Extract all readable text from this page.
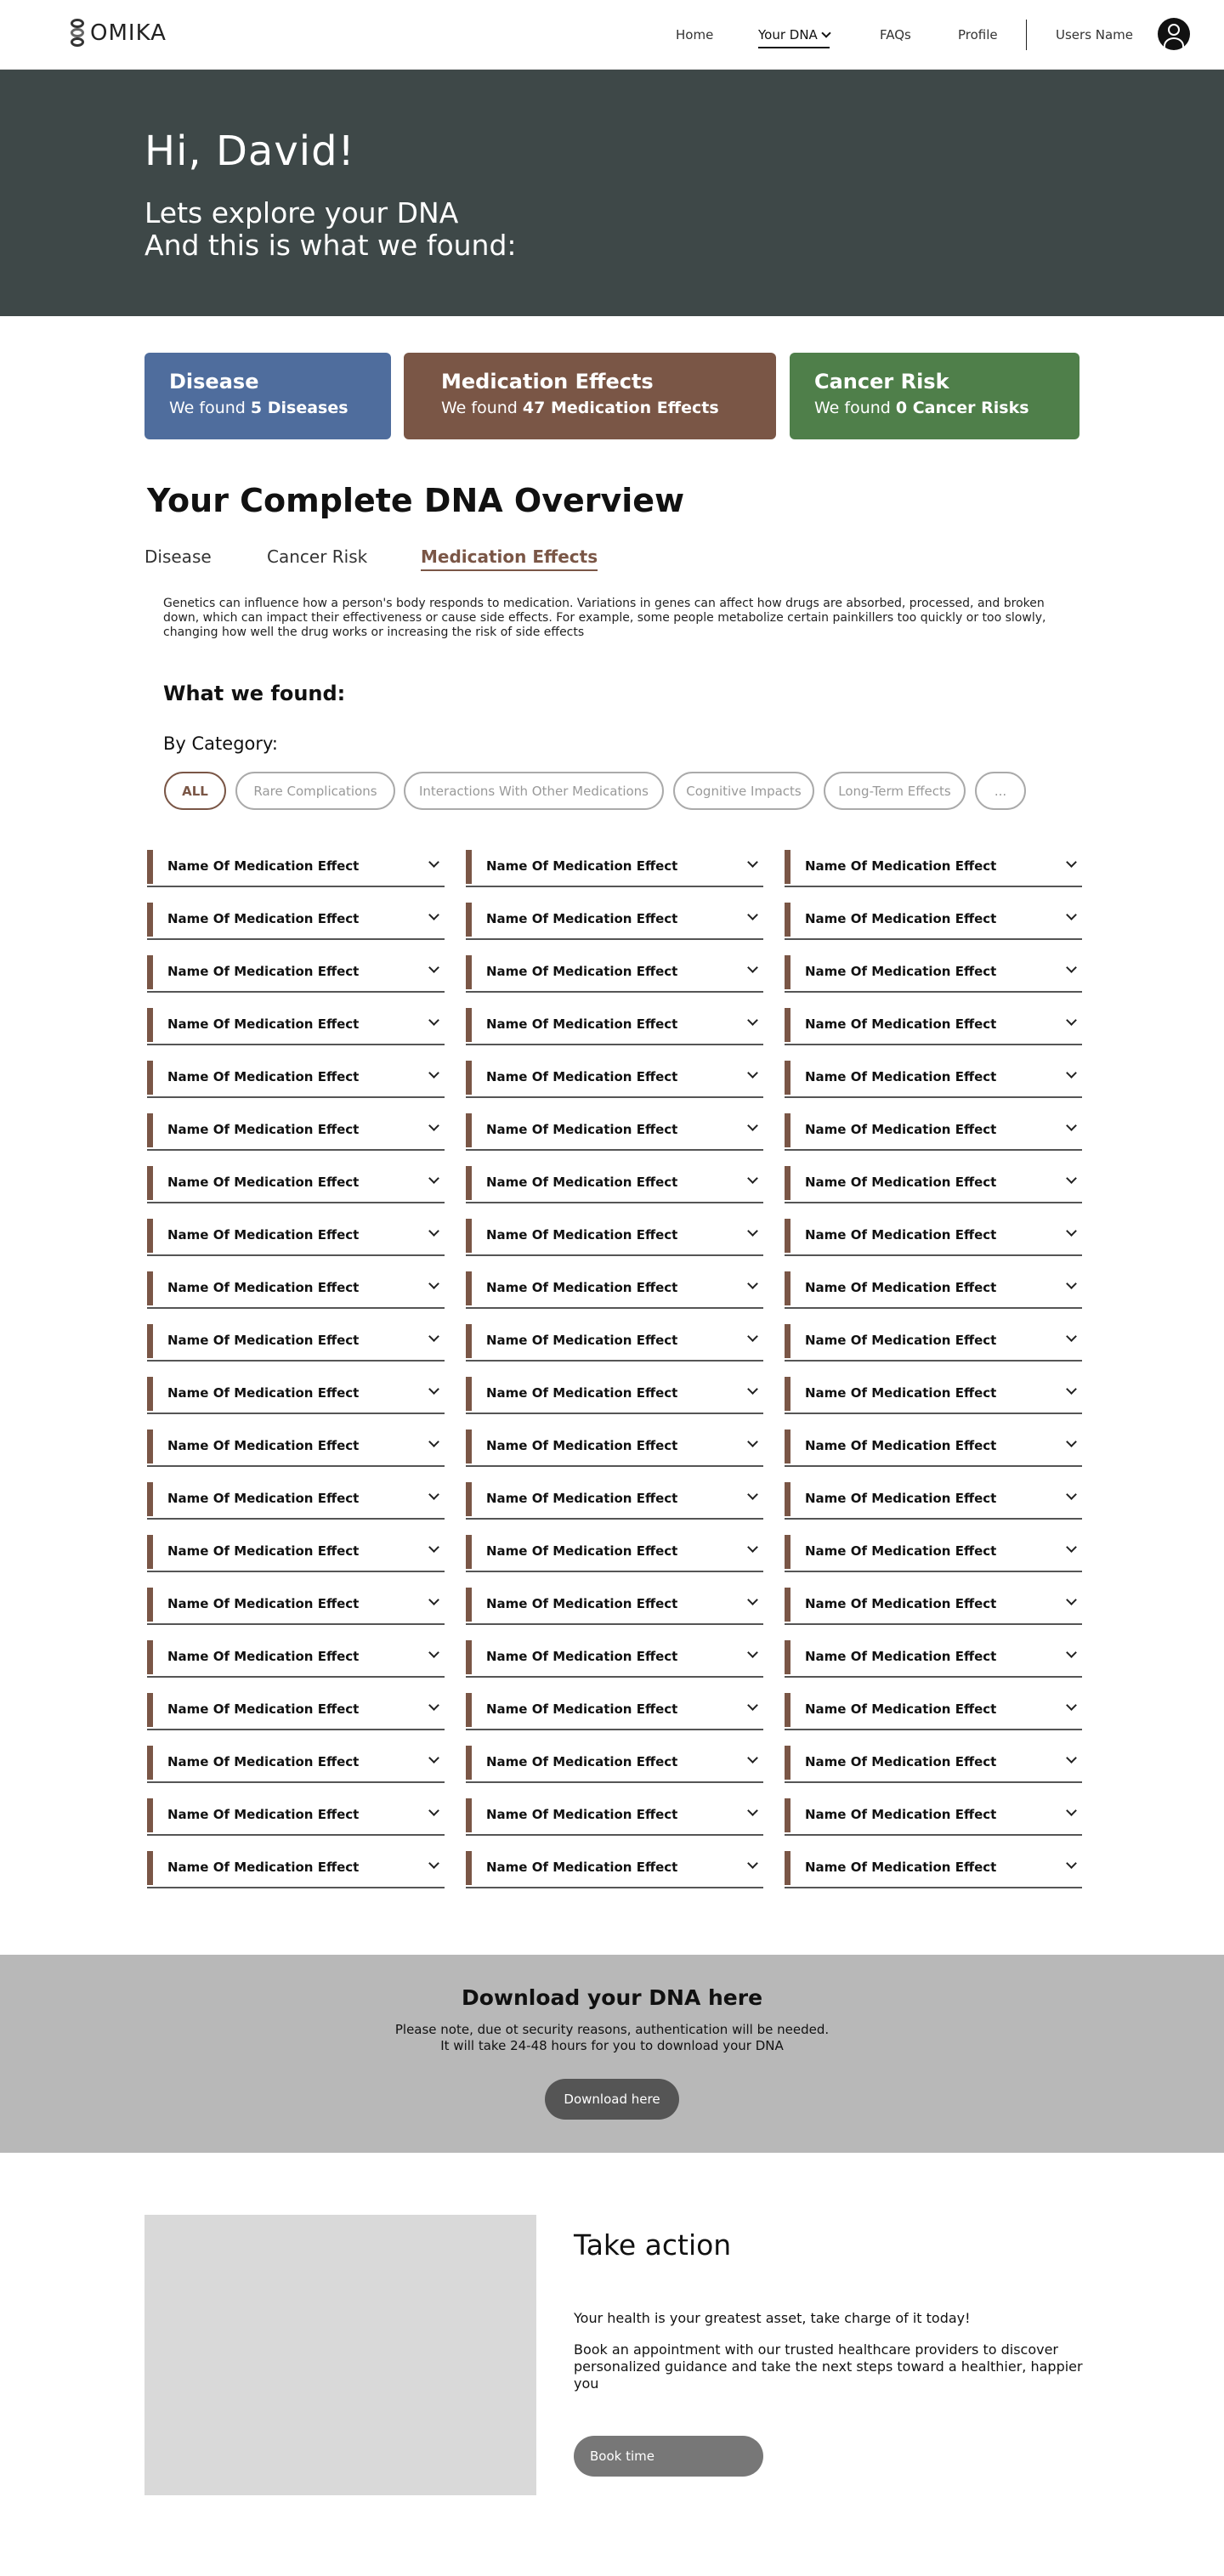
OMIKA	Home	Your DNA	FAQs	Profile	Users Name
Hi, David!

Lets explore your DNA

And this is what we found:

Disease
We found 5 Diseases
Medication Effects
We found 47 Medication Effects
Cancer Risk
We found 0 Cancer Risks
Your Complete DNA Overview
Disease	Cancer Risk	Medication Effects

Genetics can influence how a person's body responds to medication. Variations in genes can affect how drugs are absorbed, processed, and broken down, which can impact their effectiveness or cause side effects. For example, some people metabolize certain painkillers too quickly or too slowly, changing how well the drug works or increasing the risk of side effects

What we found:
By Category:
ALL	Rare Complications	Interactions With Other Medications	Cognitive Impacts	Long-Term Effects	...
Name Of Medication Effect	Name Of Medication Effect	Name Of Medication Effect
Name Of Medication Effect	Name Of Medication Effect	Name Of Medication Effect
Name Of Medication Effect	Name Of Medication Effect	Name Of Medication Effect
Name Of Medication Effect	Name Of Medication Effect	Name Of Medication Effect
Name Of Medication Effect	Name Of Medication Effect	Name Of Medication Effect
Name Of Medication Effect	Name Of Medication Effect	Name Of Medication Effect
Name Of Medication Effect	Name Of Medication Effect	Name Of Medication Effect
Name Of Medication Effect	Name Of Medication Effect	Name Of Medication Effect
Name Of Medication Effect	Name Of Medication Effect	Name Of Medication Effect
Name Of Medication Effect	Name Of Medication Effect	Name Of Medication Effect
Name Of Medication Effect	Name Of Medication Effect	Name Of Medication Effect
Name Of Medication Effect	Name Of Medication Effect	Name Of Medication Effect
Name Of Medication Effect	Name Of Medication Effect	Name Of Medication Effect
Name Of Medication Effect	Name Of Medication Effect	Name Of Medication Effect
Name Of Medication Effect	Name Of Medication Effect	Name Of Medication Effect
Name Of Medication Effect	Name Of Medication Effect	Name Of Medication Effect
Name Of Medication Effect	Name Of Medication Effect	Name Of Medication Effect
Name Of Medication Effect	Name Of Medication Effect	Name Of Medication Effect
Name Of Medication Effect	Name Of Medication Effect	Name Of Medication Effect
Name Of Medication Effect	Name Of Medication Effect	Name Of Medication Effect
Download your DNA here

Please note, due ot security reasons, authentication will be needed.
It will take 24-48 hours for you to download your DNA

Download here
Take action

Your health is your greatest asset, take charge of it today!

Book an appointment with our trusted healthcare providers to discover personalized guidance and take the next steps toward a healthier, happier you

Book time
